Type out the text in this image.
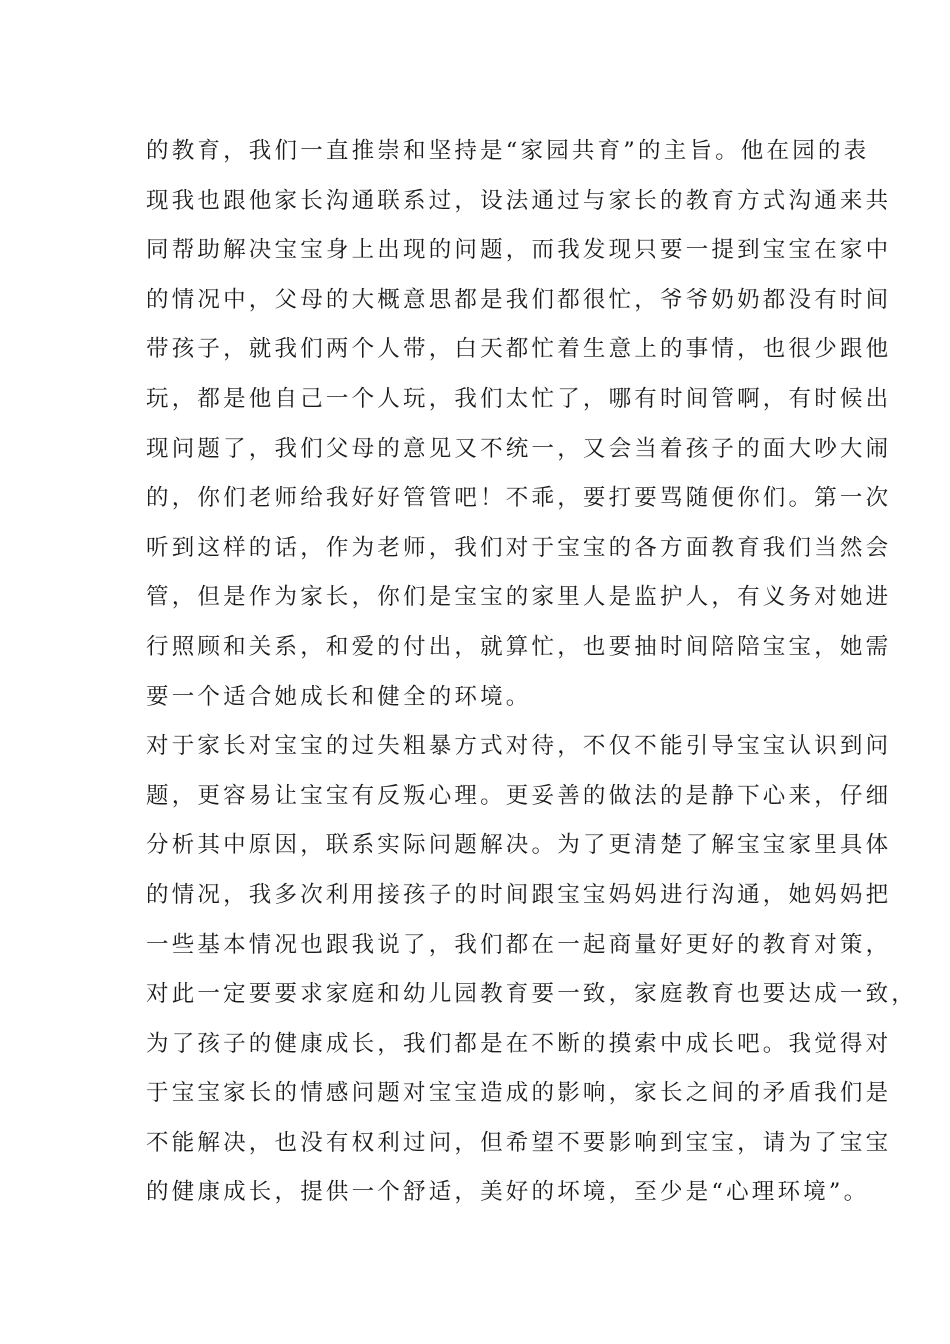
的教育，我们一直推崇和坚持是“家园共育”的主旨。他在园的表
现我也跟他家长沟通联系过，设法通过与家长的教育方式沟通来共
同帮助解决宝宝身上出现的问题，而我发现只要一提到宝宝在家中
的情况中，父母的大概意思都是我们都很忙，爷爷奶奶都没有时间
带孩子，就我们两个人带，白天都忙着生意上的事情，也很少跟他
玩，都是他自己一个人玩，我们太忙了，哪有时间管啊，有时候出
现问题了，我们父母的意见又不统一，又会当着孩子的面大吵大闹
的，你们老师给我好好管管吧！不乖，要打要骂随便你们。第一次
听到这样的话，作为老师，我们对于宝宝的各方面教育我们当然会
管，但是作为家长，你们是宝宝的家里人是监护人，有义务对她进
行照顾和关系，和爱的付出，就算忙，也要抽时间陪陪宝宝，她需
要一个适合她成长和健全的环境。
对于家长对宝宝的过失粗暴方式对待，不仅不能引导宝宝认识到问
题，更容易让宝宝有反叛心理。更妥善的做法的是静下心来，仔细
分析其中原因，联系实际问题解决。为了更清楚了解宝宝家里具体
的情况，我多次利用接孩子的时间跟宝宝妈妈进行沟通，她妈妈把
一些基本情况也跟我说了，我们都在一起商量好更好的教育对策，
对此一定要要求家庭和幼儿园教育要一致，家庭教育也要达成一致，
为了孩子的健康成长，我们都是在不断的摸索中成长吧。我觉得对
于宝宝家长的情感问题对宝宝造成的影响，家长之间的矛盾我们是
不能解决，也没有权利过问，但希望不要影响到宝宝，请为了宝宝
的健康成长，提供一个舒适，美好的坏境，至少是“心理环境”。
